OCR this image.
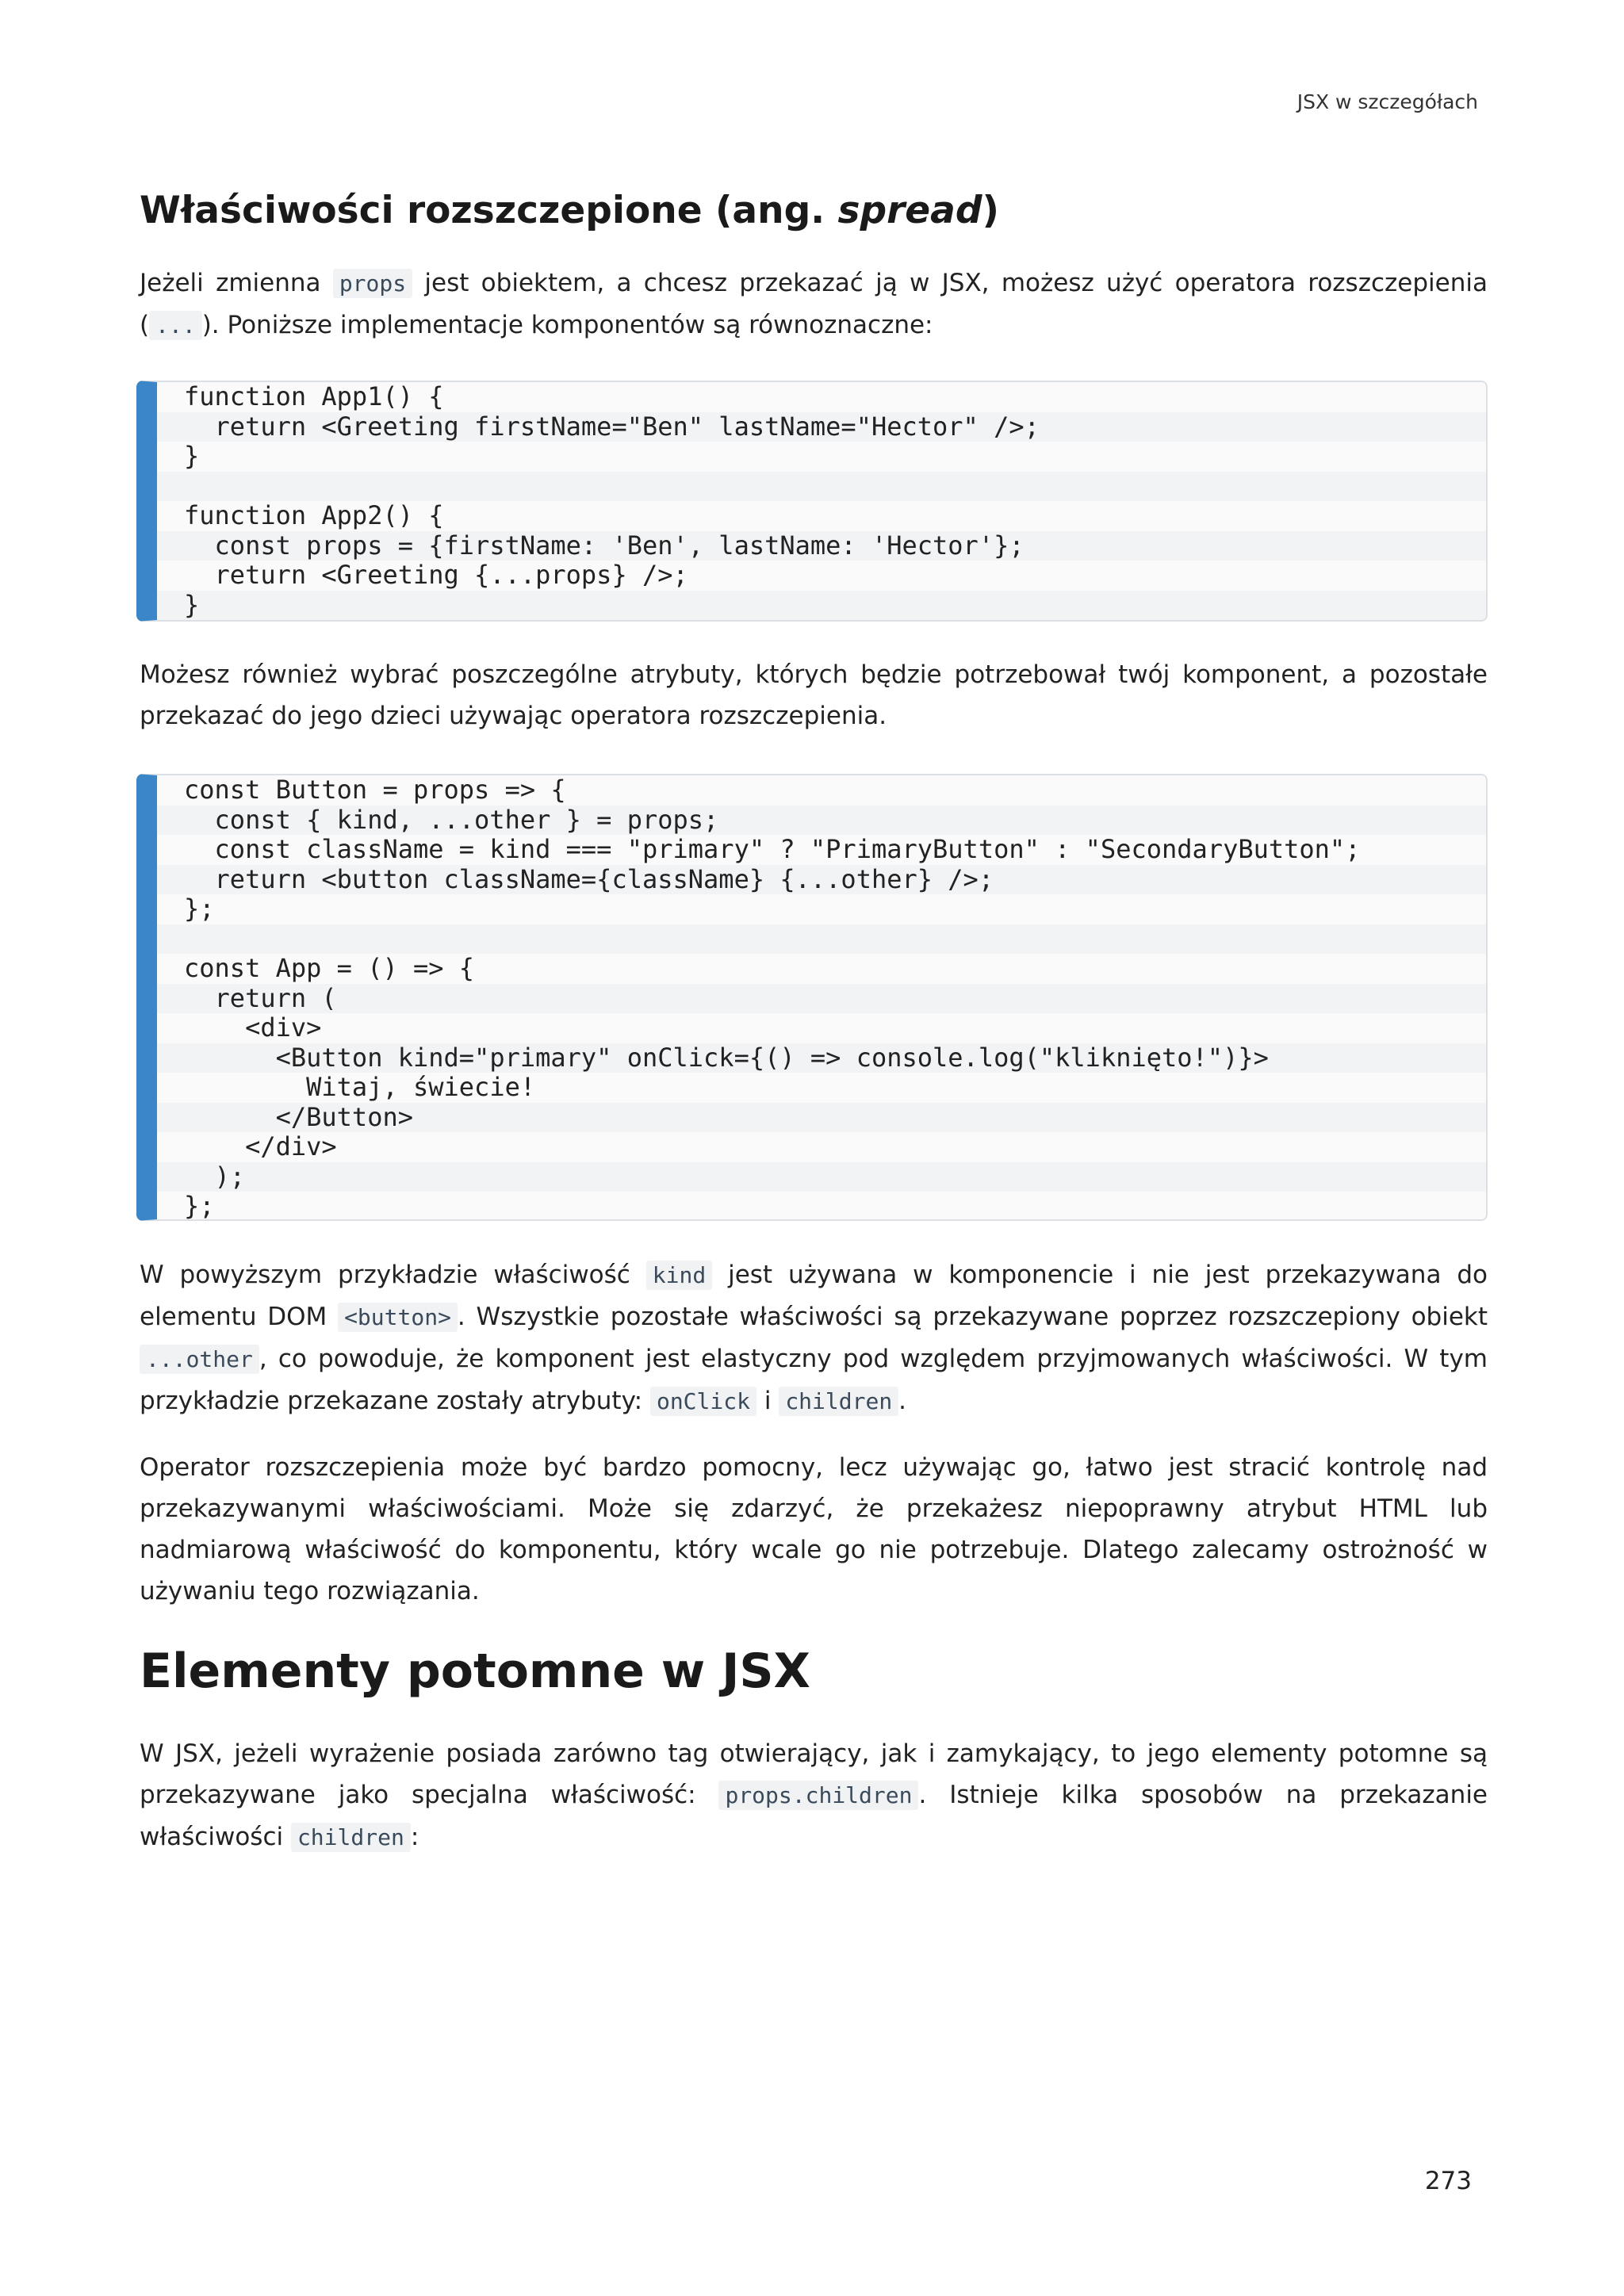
JSX w szczegółach
Właściwości rozszczepione (ang. spread)

Jeżeli zmienna props jest obiektem, a chcesz przekazać ją w JSX, możesz użyć operatora rozszczepienia ( ... ). Poniższe implementacje komponentów są równoznaczne:

function App1() {
return <Greeting firstName="Ben" lastName="Hector" />;
}
function App2() {
const props = {firstName: 'Ben', lastName: 'Hector'};
return <Greeting {...props} />;
}

Możesz również wybrać poszczególne atrybuty, których będzie potrzebował twój komponent, a pozostałe przekazać do jego dzieci używając operatora rozszczepienia.

const Button = props => {
const { kind, ...other } = props;
const className = kind === "primary" ? "PrimaryButton" : "SecondaryButton";
return <button className={className} {...other} />;
};
const App = () => {
return (
<div>
<Button kind="primary" onClick={() => console.log("kliknięto!")}>
Witaj, świecie!
</Button>
</div>
);
};

W powyższym przykładzie właściwość kind jest używana w komponencie i nie jest przekazywana do elementu DOM <button> . Wszystkie pozostałe właściwości są przekazywane poprzez rozszczepiony obiekt ...other , co powoduje, że komponent jest elastyczny pod względem przyjmowanych właściwości. W tym przykładzie przekazane zostały atrybuty: onClick i children .

Operator rozszczepienia może być bardzo pomocny, lecz używając go, łatwo jest stracić kontrolę nad przekazywanymi właściwościami. Może się zdarzyć, że przekażesz niepoprawny atrybut HTML lub nadmiarową właściwość do komponentu, który wcale go nie potrzebuje. Dlatego zalecamy ostrożność w używaniu tego rozwiązania.

Elementy potomne w JSX

W JSX, jeżeli wyrażenie posiada zarówno tag otwierający, jak i zamykający, to jego elementy potomne są przekazywane jako specjalna właściwość: props.children . Istnieje kilka sposobów na przekazanie właściwości children :

273
